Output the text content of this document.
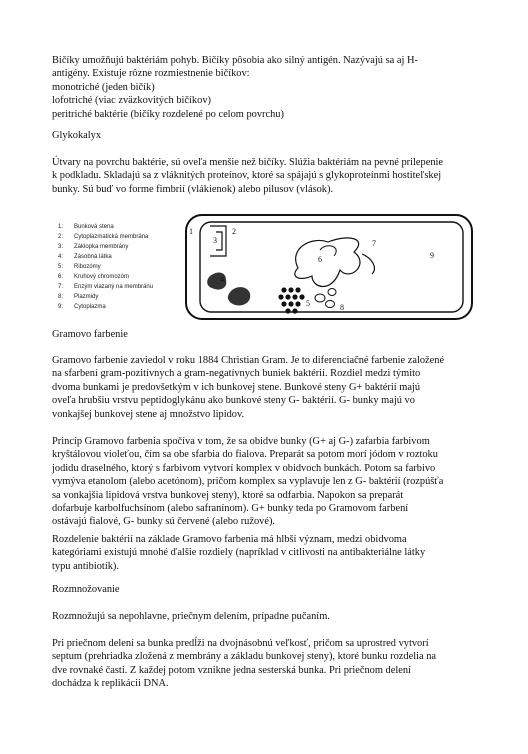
Bičíky umožňujú baktériám pohyb. Bičíky pôsobia ako silný antigén. Nazývajú sa aj H-
antigény. Existuje rôzne rozmiestnenie bičíkov:
monotriché (jeden bičík)
lofotriché (viac zväzkovitých bičíkov)
peritriché baktérie (bičíky rozdelené po celom povrchu)
Glykokalyx
Útvary na povrchu baktérie, sú oveľa menšie než bičíky. Slúžia baktériám na pevné prilepenie
k podkladu. Skladajú sa z vláknitých proteínov, ktoré sa spájajú s glykoproteínmi hostiteľskej
bunky. Sú buď vo forme fimbrií (vlákienok) alebo pilusov (vlások).
1: Bunková stena
2: Cytoplazmatická membrána
3: Záklopka membrány
4: Zásobná látka
5: Ribozómy
6: Kruhový chromozóm
7: Enzým viazaný na membránu
8: Plazmidy
9: Cytoplazma
1	2
3
4
5
6
7
8
9
Gramovo farbenie
Gramovo farbenie zaviedol v roku 1884 Christian Gram. Je to diferenciačné farbenie založené
na sfarbení gram-pozitívnych a gram-negatívnych buniek baktérií. Rozdiel medzi týmito
dvoma bunkami je predovšetkým v ich bunkovej stene. Bunkové steny G+ baktérií majú
oveľa hrubšiu vrstvu peptidoglykánu ako bunkové steny G- baktérií. G- bunky majú vo
vonkajšej bunkovej stene aj množstvo lipidov.
Princíp Gramovo farbenia spočíva v tom, že sa obidve bunky (G+ aj G-) zafarbia farbivom
kryštálovou violeťou, čím sa obe sfarbia do fialova. Preparát sa potom morí jódom v roztoku
jodidu draselného, ktorý s farbivom vytvorí komplex v obidvoch bunkách. Potom sa farbivo
vymýva etanolom (alebo acetónom), pričom komplex sa vyplavuje len z G- baktérií (rozpúšťa
sa vonkajšia lipidová vrstva bunkovej steny), ktoré sa odfarbia. Napokon sa preparát
dofarbuje karbolfuchsínom (alebo safranínom). G+ bunky teda po Gramovom farbení
ostávajú fialové, G- bunky sú červené (alebo ružové).
Rozdelenie baktérií na základe Gramovo farbenia má hlbší význam, medzi obidvoma
kategóriami existujú mnohé ďalšie rozdiely (napríklad v citlivosti na antibakteriálne látky
typu antibiotík).
Rozmnožovanie
Rozmnožujú sa nepohlavne, priečnym delením, prípadne pučaním.
Pri priečnom delení sa bunka predĺži na dvojnásobnú veľkosť, pričom sa uprostred vytvorí
septum (prehriadka zložená z membrány a základu bunkovej steny), ktoré bunku rozdelia na
dve rovnaké časti. Z každej potom vznikne jedna sesterská bunka. Pri priečnom delení
dochádza k replikácii DNA.
